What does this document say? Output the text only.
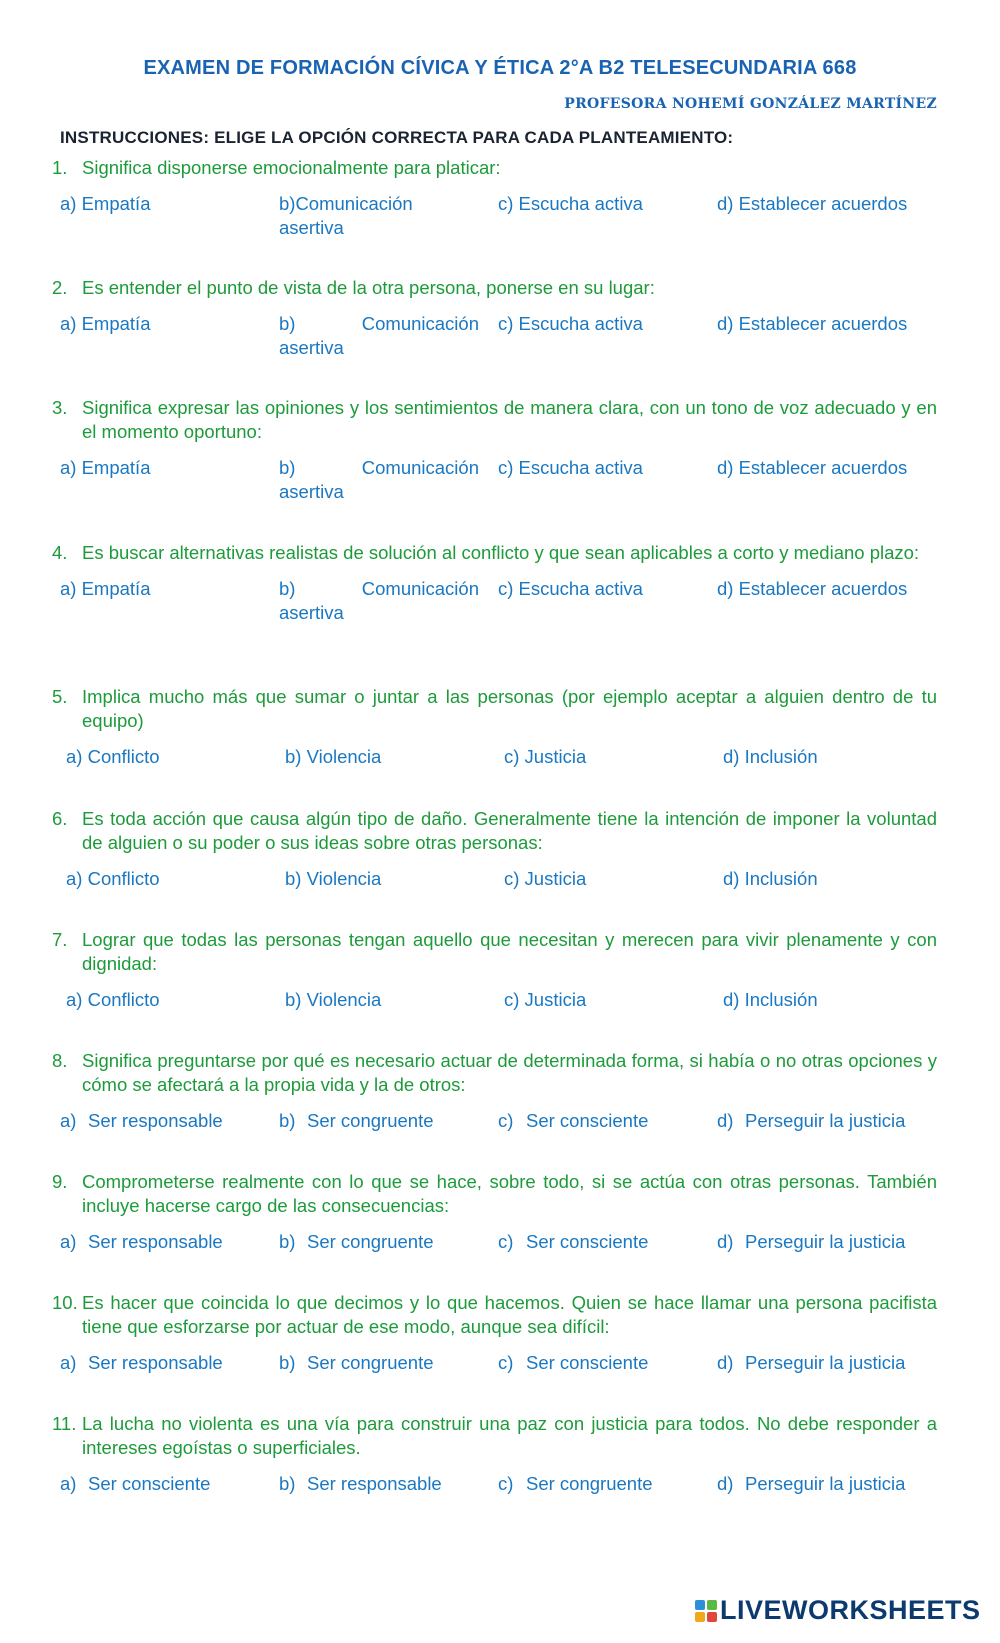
EXAMEN DE FORMACIÓN CÍVICA Y ÉTICA 2°A B2 TELESECUNDARIA 668
PROFESORA NOHEMÍ GONZÁLEZ MARTÍNEZ
INSTRUCCIONES: ELIGE LA OPCIÓN CORRECTA PARA CADA PLANTEAMIENTO:
1. Significa disponerse emocionalmente para platicar:
a) Empatía	b)Comunicación asertiva
c) Escucha activa	d) Establecer acuerdos
2. Es entender el punto de vista de la otra persona, ponerse en su lugar:
a) Empatía	b)	Comunicación
asertiva
c) Escucha activa	d) Establecer acuerdos
3. Significa expresar las opiniones y los sentimientos de manera clara, con un tono de voz adecuado y en el momento oportuno:
a) Empatía	b)	Comunicación
asertiva
c) Escucha activa	d) Establecer acuerdos
4. Es buscar alternativas realistas de solución al conflicto y que sean aplicables a corto y mediano plazo:
a) Empatía	b)	Comunicación
asertiva
c) Escucha activa	d) Establecer acuerdos
5. Implica mucho más que sumar o juntar a las personas (por ejemplo aceptar a alguien dentro de tu equipo)
a) Conflicto	b) Violencia	c) Justicia	d) Inclusión
6. Es toda acción que causa algún tipo de daño. Generalmente tiene la intención de imponer la voluntad de alguien o su poder o sus ideas sobre otras personas:
a) Conflicto	b) Violencia	c) Justicia	d) Inclusión
7. Lograr que todas las personas tengan aquello que necesitan y merecen para vivir plenamente y con dignidad:
a) Conflicto	b) Violencia	c) Justicia	d) Inclusión
8. Significa preguntarse por qué es necesario actuar de determinada forma, si había o no otras opciones y cómo se afectará a la propia vida y la de otros:
a) Ser responsable	b) Ser congruente	c) Ser consciente	d) Perseguir la justicia
9. Comprometerse realmente con lo que se hace, sobre todo, si se actúa con otras personas. También incluye hacerse cargo de las consecuencias:
a) Ser responsable	b) Ser congruente	c) Ser consciente	d) Perseguir la justicia
10. Es hacer que coincida lo que decimos y lo que hacemos. Quien se hace llamar una persona pacifista tiene que esforzarse por actuar de ese modo, aunque sea difícil:
a) Ser responsable	b) Ser congruente	c) Ser consciente	d) Perseguir la justicia
11. La lucha no violenta es una vía para construir una paz con justicia para todos. No debe responder a intereses egoístas o superficiales.
a) Ser consciente	b) Ser responsable	c) Ser congruente	d) Perseguir la justicia
LIVEWORKSHEETS
